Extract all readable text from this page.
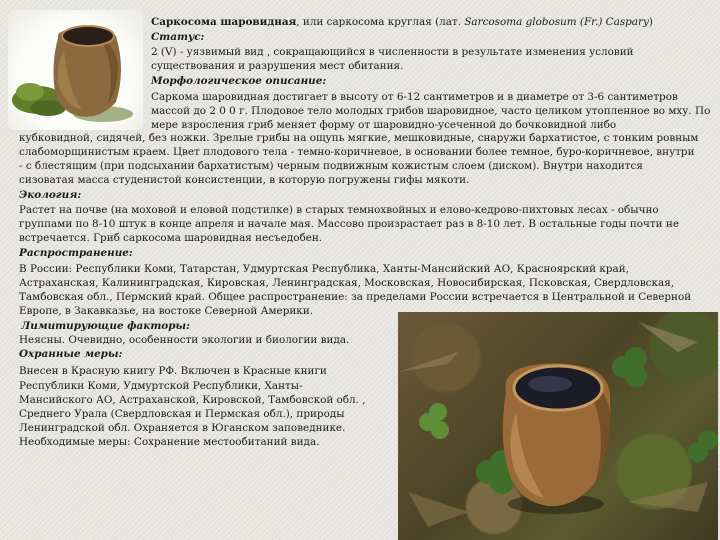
Саркосома шаровидная, или саркосома круглая (лат. Sarcosoma globosum (Fr.) Caspary)
Статус:
2 (V) - уязвимый вид , сокращающийся в численности в результате изменения условий
существования и разрушения мест обитания.
Морфологическое описание:
Саркома шаровидная достигает в высоту от 6-12 сантиметров и в диаметре от 3-6 сантиметров
массой до 2 0 0 г. Плодовое тело молодых грибов шаровидное, часто целиком утопленное во мху. По
мере взросления гриб меняет форму от шаровидно-усеченной до бочковидной либо
кубковидной, сидячей, без ножки. Зрелые грибы на ощупь мягкие, мешковидные, снаружи бархатистое, с тонким ровным
слабоморщинистым краем. Цвет плодового тела - темно-коричневое, в основании более темное, буро-коричневое, внутри
- с блестящим (при подсыхании бархатистым) черным подвижным кожистым слоем (диском). Внутри находится
сизоватая масса студенистой консистенции, в которую погружены гифы мякоти.
Экология:
Растет на почве (на моховой и еловой подстилке) в старых темнохвойных и елово-кедрово-пихтовых лесах - обычно
группами по 8-10 штук в конце апреля и начале мая. Массово произрастает раз в 8-10 лет. В остальные годы почти не
встречается. Гриб саркосома шаровидная несъедобен.
Распространение:
В России: Республики Коми, Татарстан, Удмуртская Республика, Ханты-Мансийский АО, Красноярский край,
Астраханская, Калининградская, Кировская, Ленинградская, Московская, Новосибирская, Псковская, Свердловская,
Тамбовская обл., Пермский край. Общее распространение: за пределами России встречается в Центральной и Северной
Европе, в Закавказье, на востоке Северной Америки.
Лимитирующие факторы:
Неясны. Очевидно, особенности экологии и биологии вида.
Охранные меры:
Внесен в Красную книгу РФ. Включен в Красные книги
Республики Коми, Удмуртской Республики, Ханты-
Мансийского АО, Астраханской, Кировской, Тамбовской обл. ,
Среднего Урала (Свердловская и Пермская обл.), природы
Ленинградской обл. Охраняется в Юганском заповеднике.
Необходимые меры: Сохранение местообитаний вида.
